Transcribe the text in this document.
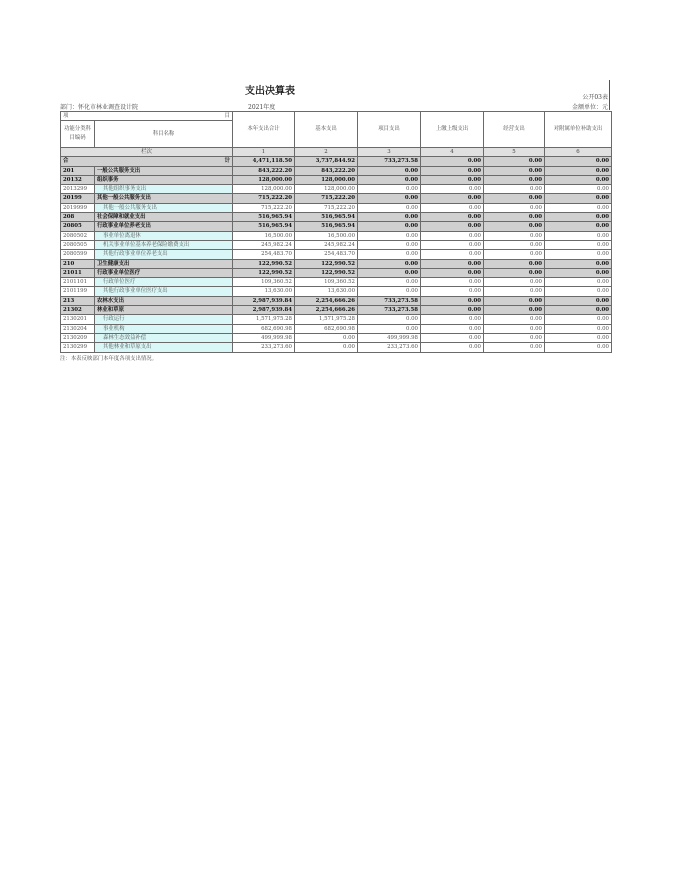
支出决算表
公开03表
部门：怀化市林业调查设计院	2021年度	金额单位：元
项 目		本年支出合计	基本支出	项目支出	上缴上级支出	经营支出	对附属单位补助支出
功能分类科目编码	科目名称						
栏次		1	2	3	4	5	6

合 计		4,471,118.50	3,737,844.92	733,273.58	0.00	0.00	0.00
201	一般公共服务支出	843,222.20	843,222.20	0.00	0.00	0.00	0.00
20132	组织事务	128,000.00	128,000.00	0.00	0.00	0.00	0.00
2013299	其他组织事务支出	128,000.00	128,000.00	0.00	0.00	0.00	0.00
20199	其他一般公共服务支出	715,222.20	715,222.20	0.00	0.00	0.00	0.00
2019999	其他一般公共服务支出	715,222.20	715,222.20	0.00	0.00	0.00	0.00
208	社会保障和就业支出	516,965.94	516,965.94	0.00	0.00	0.00	0.00
20805	行政事业单位养老支出	516,965.94	516,965.94	0.00	0.00	0.00	0.00
2080502	事业单位离退休	16,500.00	16,500.00	0.00	0.00	0.00	0.00
2080505	机关事业单位基本养老保险缴费支出	245,982.24	245,982.24	0.00	0.00	0.00	0.00
2080599	其他行政事业单位养老支出	254,483.70	254,483.70	0.00	0.00	0.00	0.00
210	卫生健康支出	122,990.52	122,990.52	0.00	0.00	0.00	0.00
21011	行政事业单位医疗	122,990.52	122,990.52	0.00	0.00	0.00	0.00
2101101	行政单位医疗	109,360.52	109,360.52	0.00	0.00	0.00	0.00
2101199	其他行政事业单位医疗支出	13,630.00	13,630.00	0.00	0.00	0.00	0.00
213	农林水支出	2,987,939.84	2,254,666.26	733,273.58	0.00	0.00	0.00
21302	林业和草原	2,987,939.84	2,254,666.26	733,273.58	0.00	0.00	0.00
2130201	行政运行	1,571,975.28	1,571,975.28	0.00	0.00	0.00	0.00
2130204	事业机构	682,690.98	682,690.98	0.00	0.00	0.00	0.00
2130209	森林生态效益补偿	499,999.98	0.00	499,999.98	0.00	0.00	0.00
2130299	其他林业和草原支出	233,273.60	0.00	233,273.60	0.00	0.00	0.00
注：本表反映部门本年度各项支出情况。
